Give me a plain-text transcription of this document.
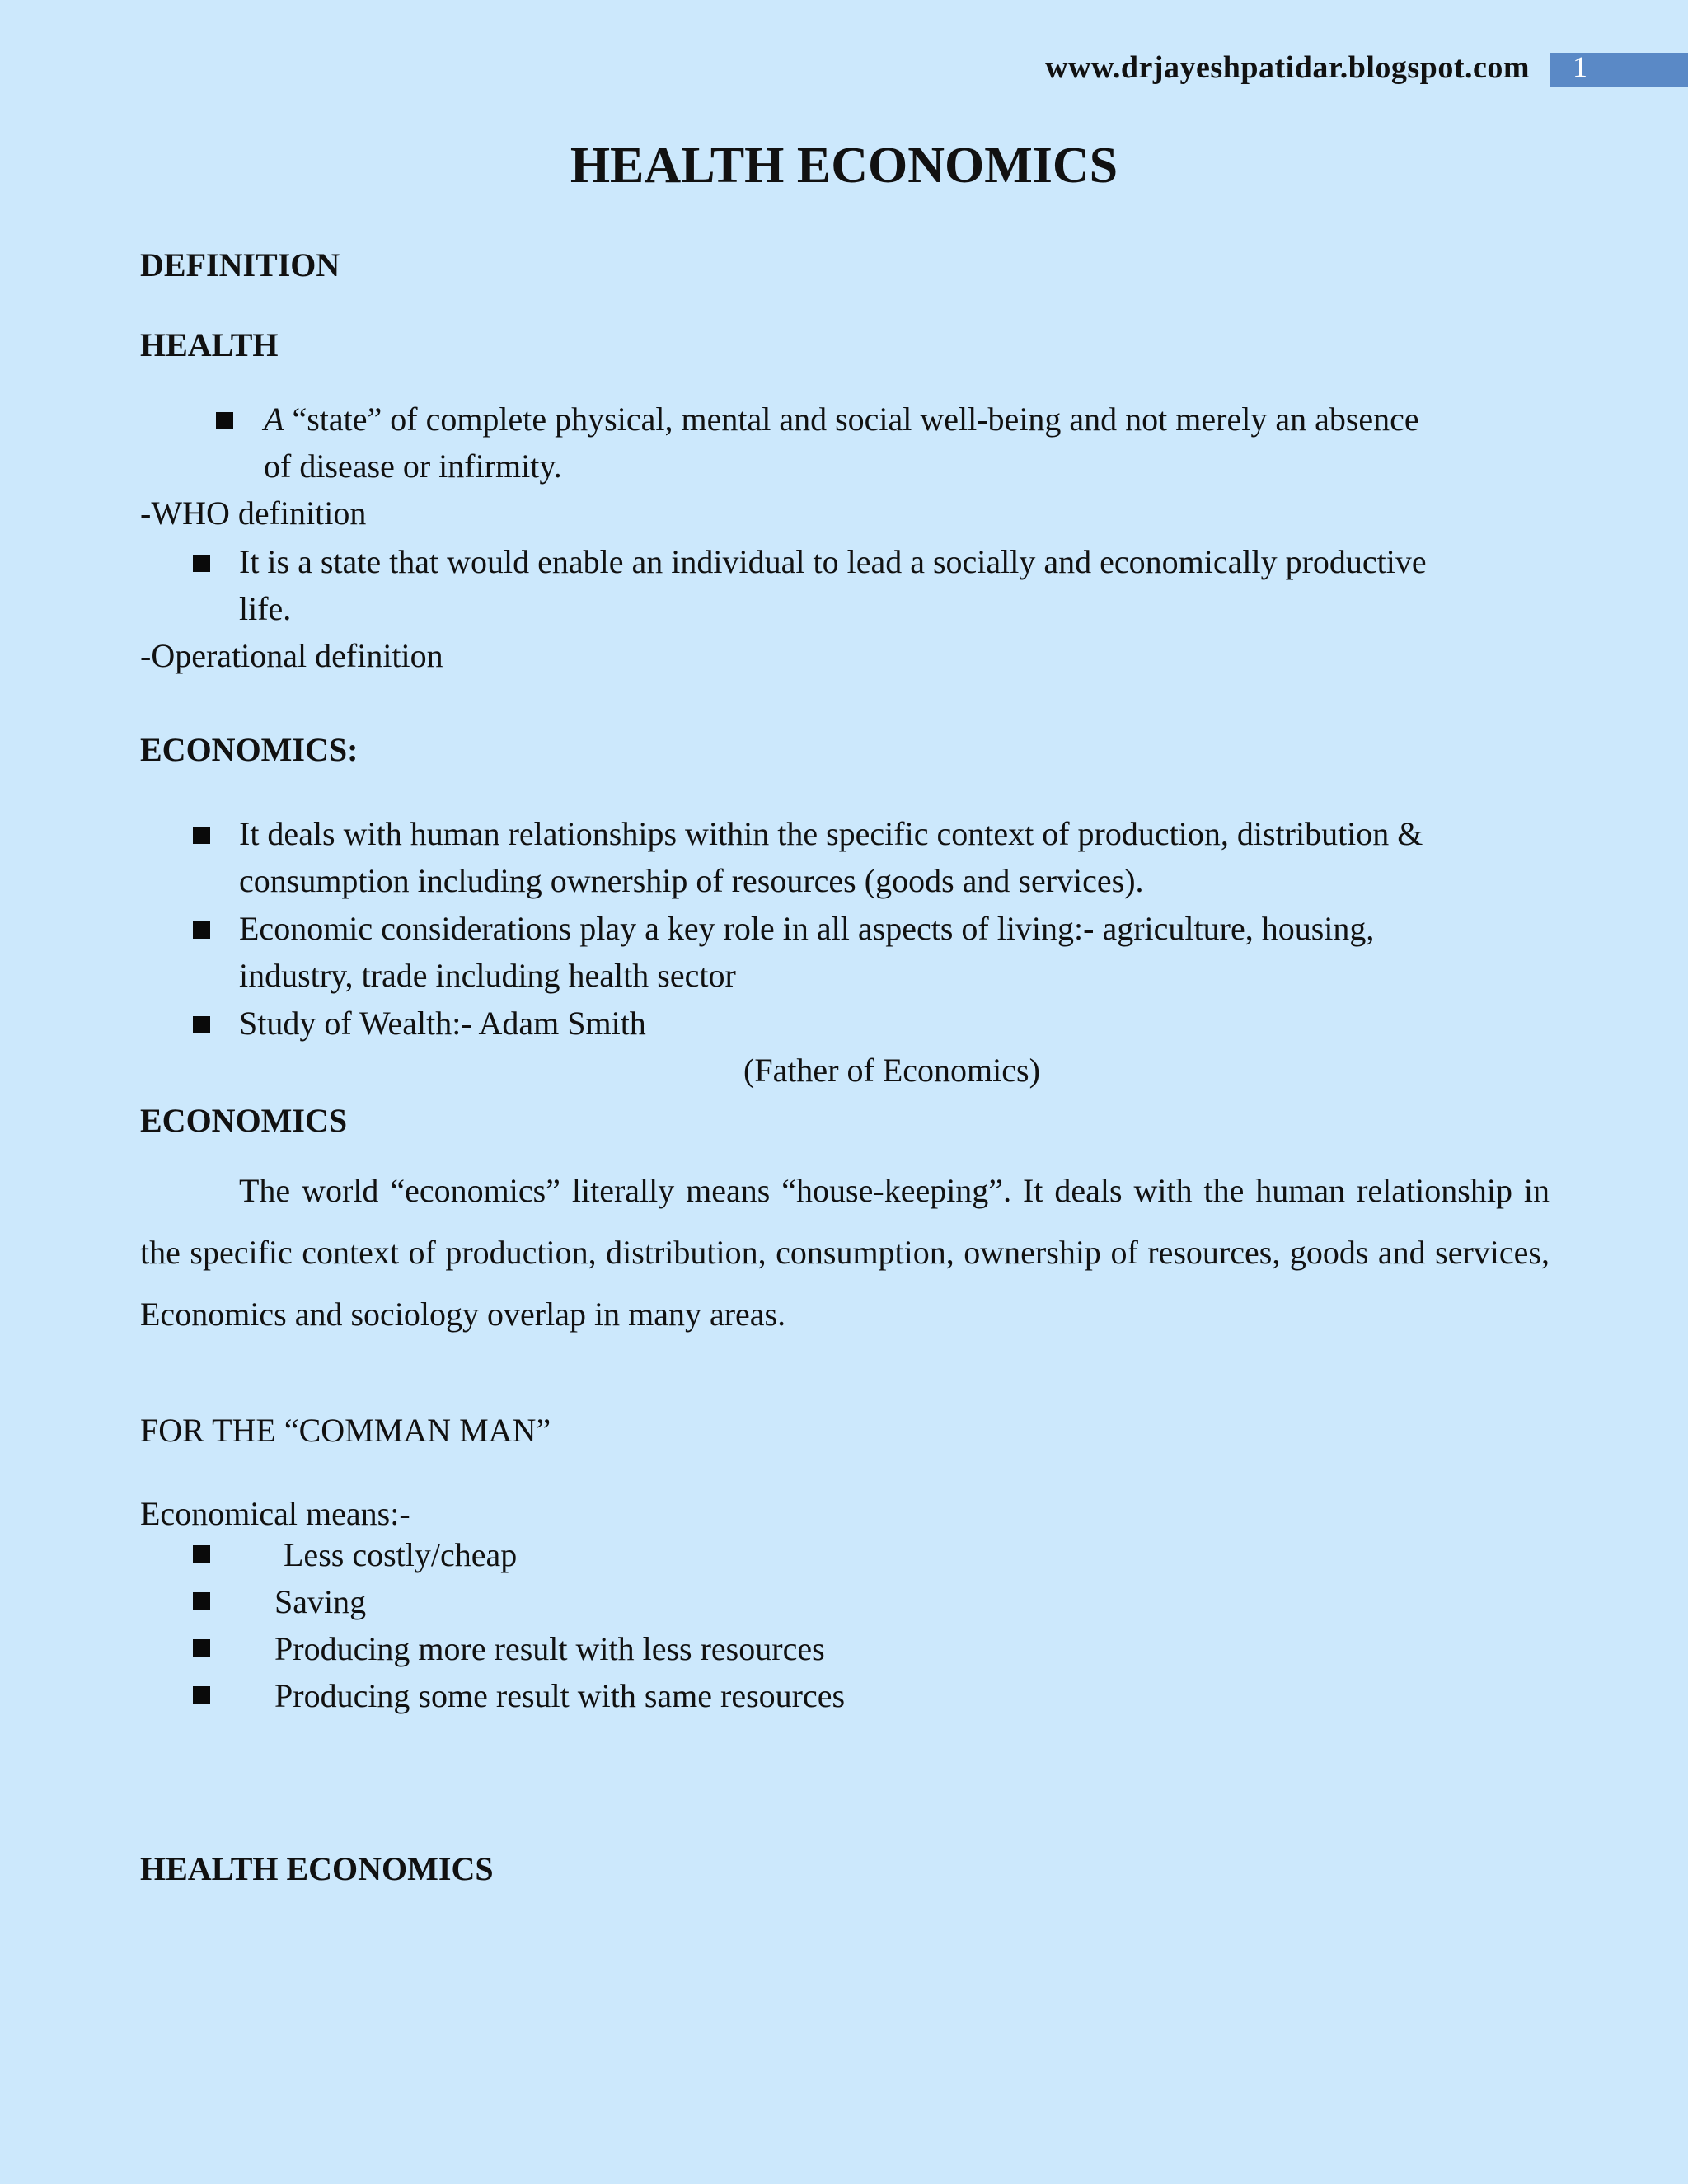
www.drjayeshpatidar.blogspot.com 1
HEALTH ECONOMICS
DEFINITION
HEALTH
A “state” of complete physical, mental and social well-being and not merely an absence
of disease or infirmity.
-WHO definition
It is a state that would enable an individual to lead a socially and economically productive
life.
-Operational definition
ECONOMICS:
It deals with human relationships within the specific context of production, distribution &
consumption including ownership of resources (goods and services).
Economic considerations play a key role in all aspects of living:- agriculture, housing,
industry, trade including health sector
Study of Wealth:- Adam Smith
(Father of Economics)
ECONOMICS
The world “economics” literally means “house-keeping”. It deals with the human relationship in the specific context of production, distribution, consumption, ownership of resources, goods and services, Economics and sociology overlap in many areas.
FOR THE “COMMAN MAN”
Economical means:-
Less costly/cheap
Saving
Producing more result with less resources
Producing some result with same resources
HEALTH ECONOMICS
